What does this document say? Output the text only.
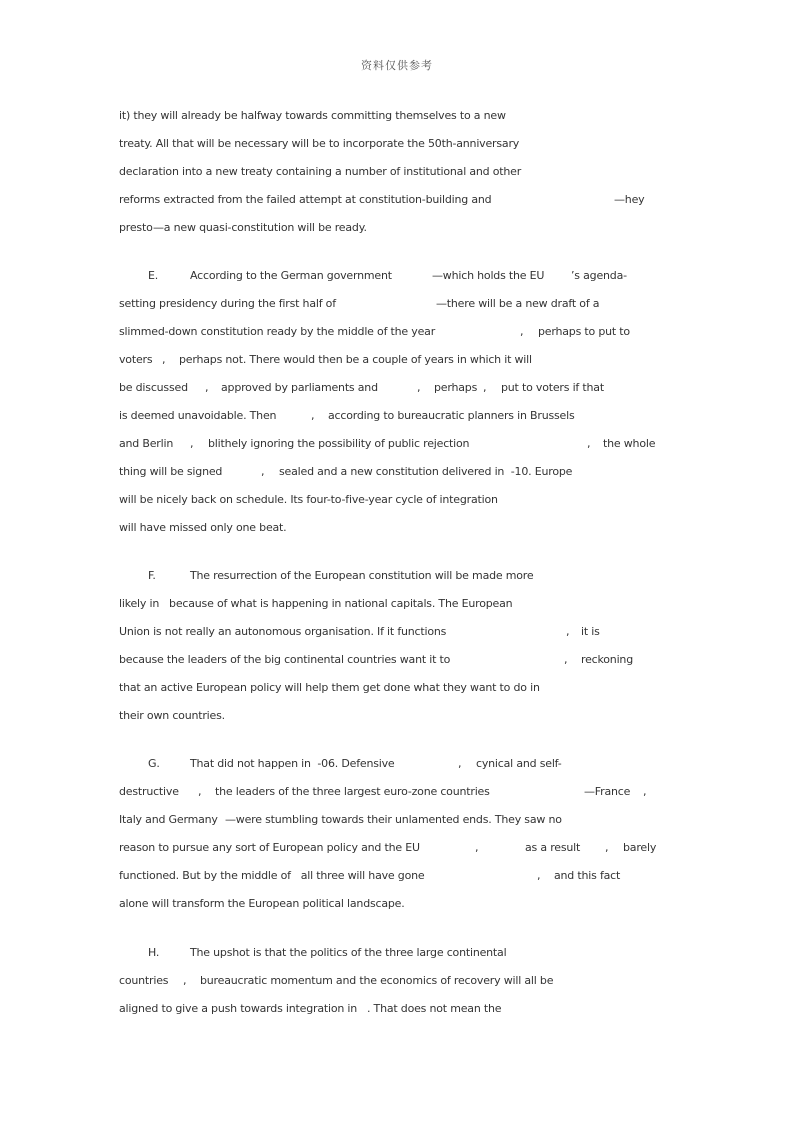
资料仅供参考
it) they will already be halfway towards committing themselves to a new
treaty. All that will be necessary will be to incorporate the 50th-anniversary
declaration into a new treaty containing a number of institutional and other
reforms extracted from the failed attempt at constitution-building and	—hey
presto —a new quasi-constitution will be ready.
E.	According to the German government	—which holds the EU ’s agenda-
setting presidency during the first half of	—there will be a new draft of a
slimmed-down constitution ready by the middle of the year	, perhaps to put to
voters , perhaps not. There would then be a couple of years in which it will
be discussed , approved by parliaments and	, perhaps , put to voters if that
is deemed unavoidable. Then	, according to bureaucratic planners in Brussels
and Berlin , blithely ignoring the possibility of public rejection	, the whole
thing will be signed	, sealed and a new constitution delivered in  -10. Europe
will be nicely back on schedule. Its four-to-five-year cycle of integration
will have missed only one beat.
F.	The resurrection of the European constitution will be made more
likely in   because of what is happening in national capitals. The European
Union is not really an autonomous organisation. If it functions	, it is
because the leaders of the big continental countries want it to	, reckoning
that an active European policy will help them get done what they want to do in
their own countries.
G.	That did not happen in  -06. Defensive	, cynical and self-
destructive , the leaders of the three largest euro-zone countries	—France ,
Italy and Germany —were stumbling towards their unlamented ends. They saw no
reason to pursue any sort of European policy and the EU	,	as a result , barely
functioned. But by the middle of   all three will have gone	, and this fact
alone will transform the European political landscape.
H.	The upshot is that the politics of the three large continental
countries , bureaucratic momentum and the economics of recovery will all be
aligned to give a push towards integration in   . That does not mean the
